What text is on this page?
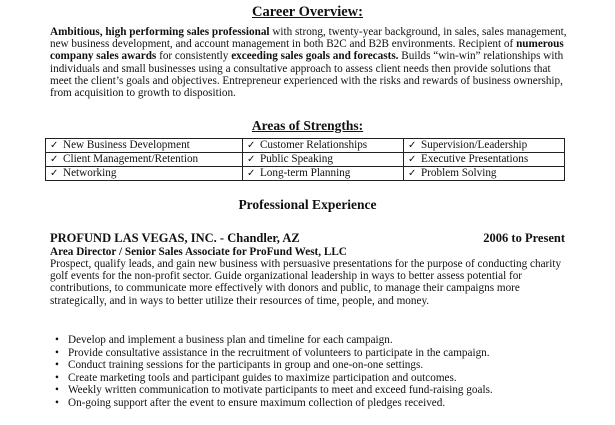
Career Overview:
Ambitious, high performing sales professional with strong, twenty-year background, in sales, sales management, new business development, and account management in both B2C and B2B environments. Recipient of numerous company sales awards for consistently exceeding sales goals and forecasts. Builds “win-win” relationships with individuals and small businesses using a consultative approach to assess client needs then provide solutions that meet the client’s goals and objectives. Entrepreneur experienced with the risks and rewards of business ownership, from acquisition to growth to disposition.
Areas of Strengths:
✓ New Business Development	✓ Customer Relationships	✓ Supervision/Leadership
✓ Client Management/Retention	✓ Public Speaking	✓ Executive Presentations
✓ Networking	✓ Long-term Planning	✓ Problem Solving
Professional Experience
PROFUND LAS VEGAS, INC. - Chandler, AZ	2006 to Present
Area Director / Senior Sales Associate for ProFund West, LLC
Prospect, qualify leads, and gain new business with persuasive presentations for the purpose of conducting charity golf events for the non-profit sector. Guide organizational leadership in ways to better assess potential for contributions, to communicate more effectively with donors and public, to manage their campaigns more strategically, and in ways to better utilize their resources of time, people, and money.
• Develop and implement a business plan and timeline for each campaign.
• Provide consultative assistance in the recruitment of volunteers to participate in the campaign.
• Conduct training sessions for the participants in group and one-on-one settings.
• Create marketing tools and participant guides to maximize participation and outcomes.
• Weekly written communication to motivate participants to meet and exceed fund-raising goals.
• On-going support after the event to ensure maximum collection of pledges received.
